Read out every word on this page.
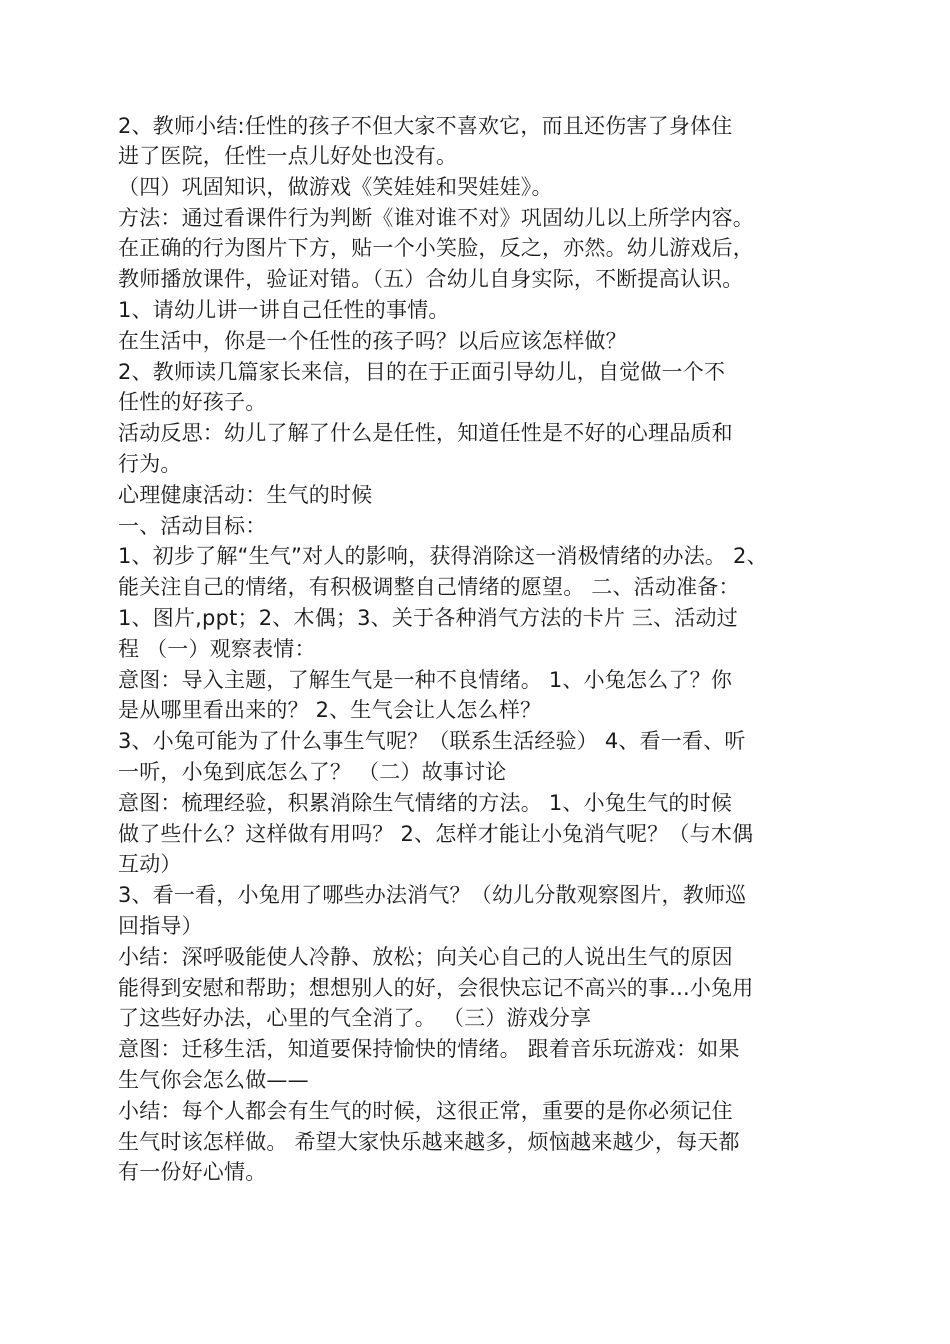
2、教师小结:任性的孩子不但大家不喜欢它，而且还伤害了身体住
进了医院，任性一点儿好处也没有。
（四）巩固知识，做游戏《笑娃娃和哭娃娃》。
方法：通过看课件行为判断《谁对谁不对》巩固幼儿以上所学内容。
在正确的行为图片下方，贴一个小笑脸，反之，亦然。幼儿游戏后，
教师播放课件，验证对错。（五）合幼儿自身实际，不断提高认识。
1、请幼儿讲一讲自己任性的事情。
在生活中，你是一个任性的孩子吗？以后应该怎样做？
2、教师读几篇家长来信，目的在于正面引导幼儿，自觉做一个不
任性的好孩子。
活动反思：幼儿了解了什么是任性，知道任性是不好的心理品质和
行为。
心理健康活动：生气的时候
一、活动目标：
1、初步了解“生气”对人的影响，获得消除这一消极情绪的办法。 2、
能关注自己的情绪，有积极调整自己情绪的愿望。 二、活动准备：
1、图片,ppt；2、木偶；3、关于各种消气方法的卡片 三、活动过
程 （一）观察表情：
意图：导入主题，了解生气是一种不良情绪。 1、小兔怎么了？你
是从哪里看出来的？ 2、生气会让人怎么样？
3、小兔可能为了什么事生气呢？（联系生活经验） 4、看一看、听
一听，小兔到底怎么了？ （二）故事讨论
意图：梳理经验，积累消除生气情绪的方法。 1、小兔生气的时候
做了些什么？这样做有用吗？ 2、怎样才能让小兔消气呢？（与木偶
互动）
3、看一看，小兔用了哪些办法消气？（幼儿分散观察图片，教师巡
回指导）
小结：深呼吸能使人冷静、放松；向关心自己的人说出生气的原因
能得到安慰和帮助；想想别人的好，会很快忘记不高兴的事...小兔用
了这些好办法，心里的气全消了。 （三）游戏分享
意图：迁移生活，知道要保持愉快的情绪。 跟着音乐玩游戏：如果
生气你会怎么做——
小结：每个人都会有生气的时候，这很正常，重要的是你必须记住
生气时该怎样做。 希望大家快乐越来越多，烦恼越来越少，每天都
有一份好心情。
